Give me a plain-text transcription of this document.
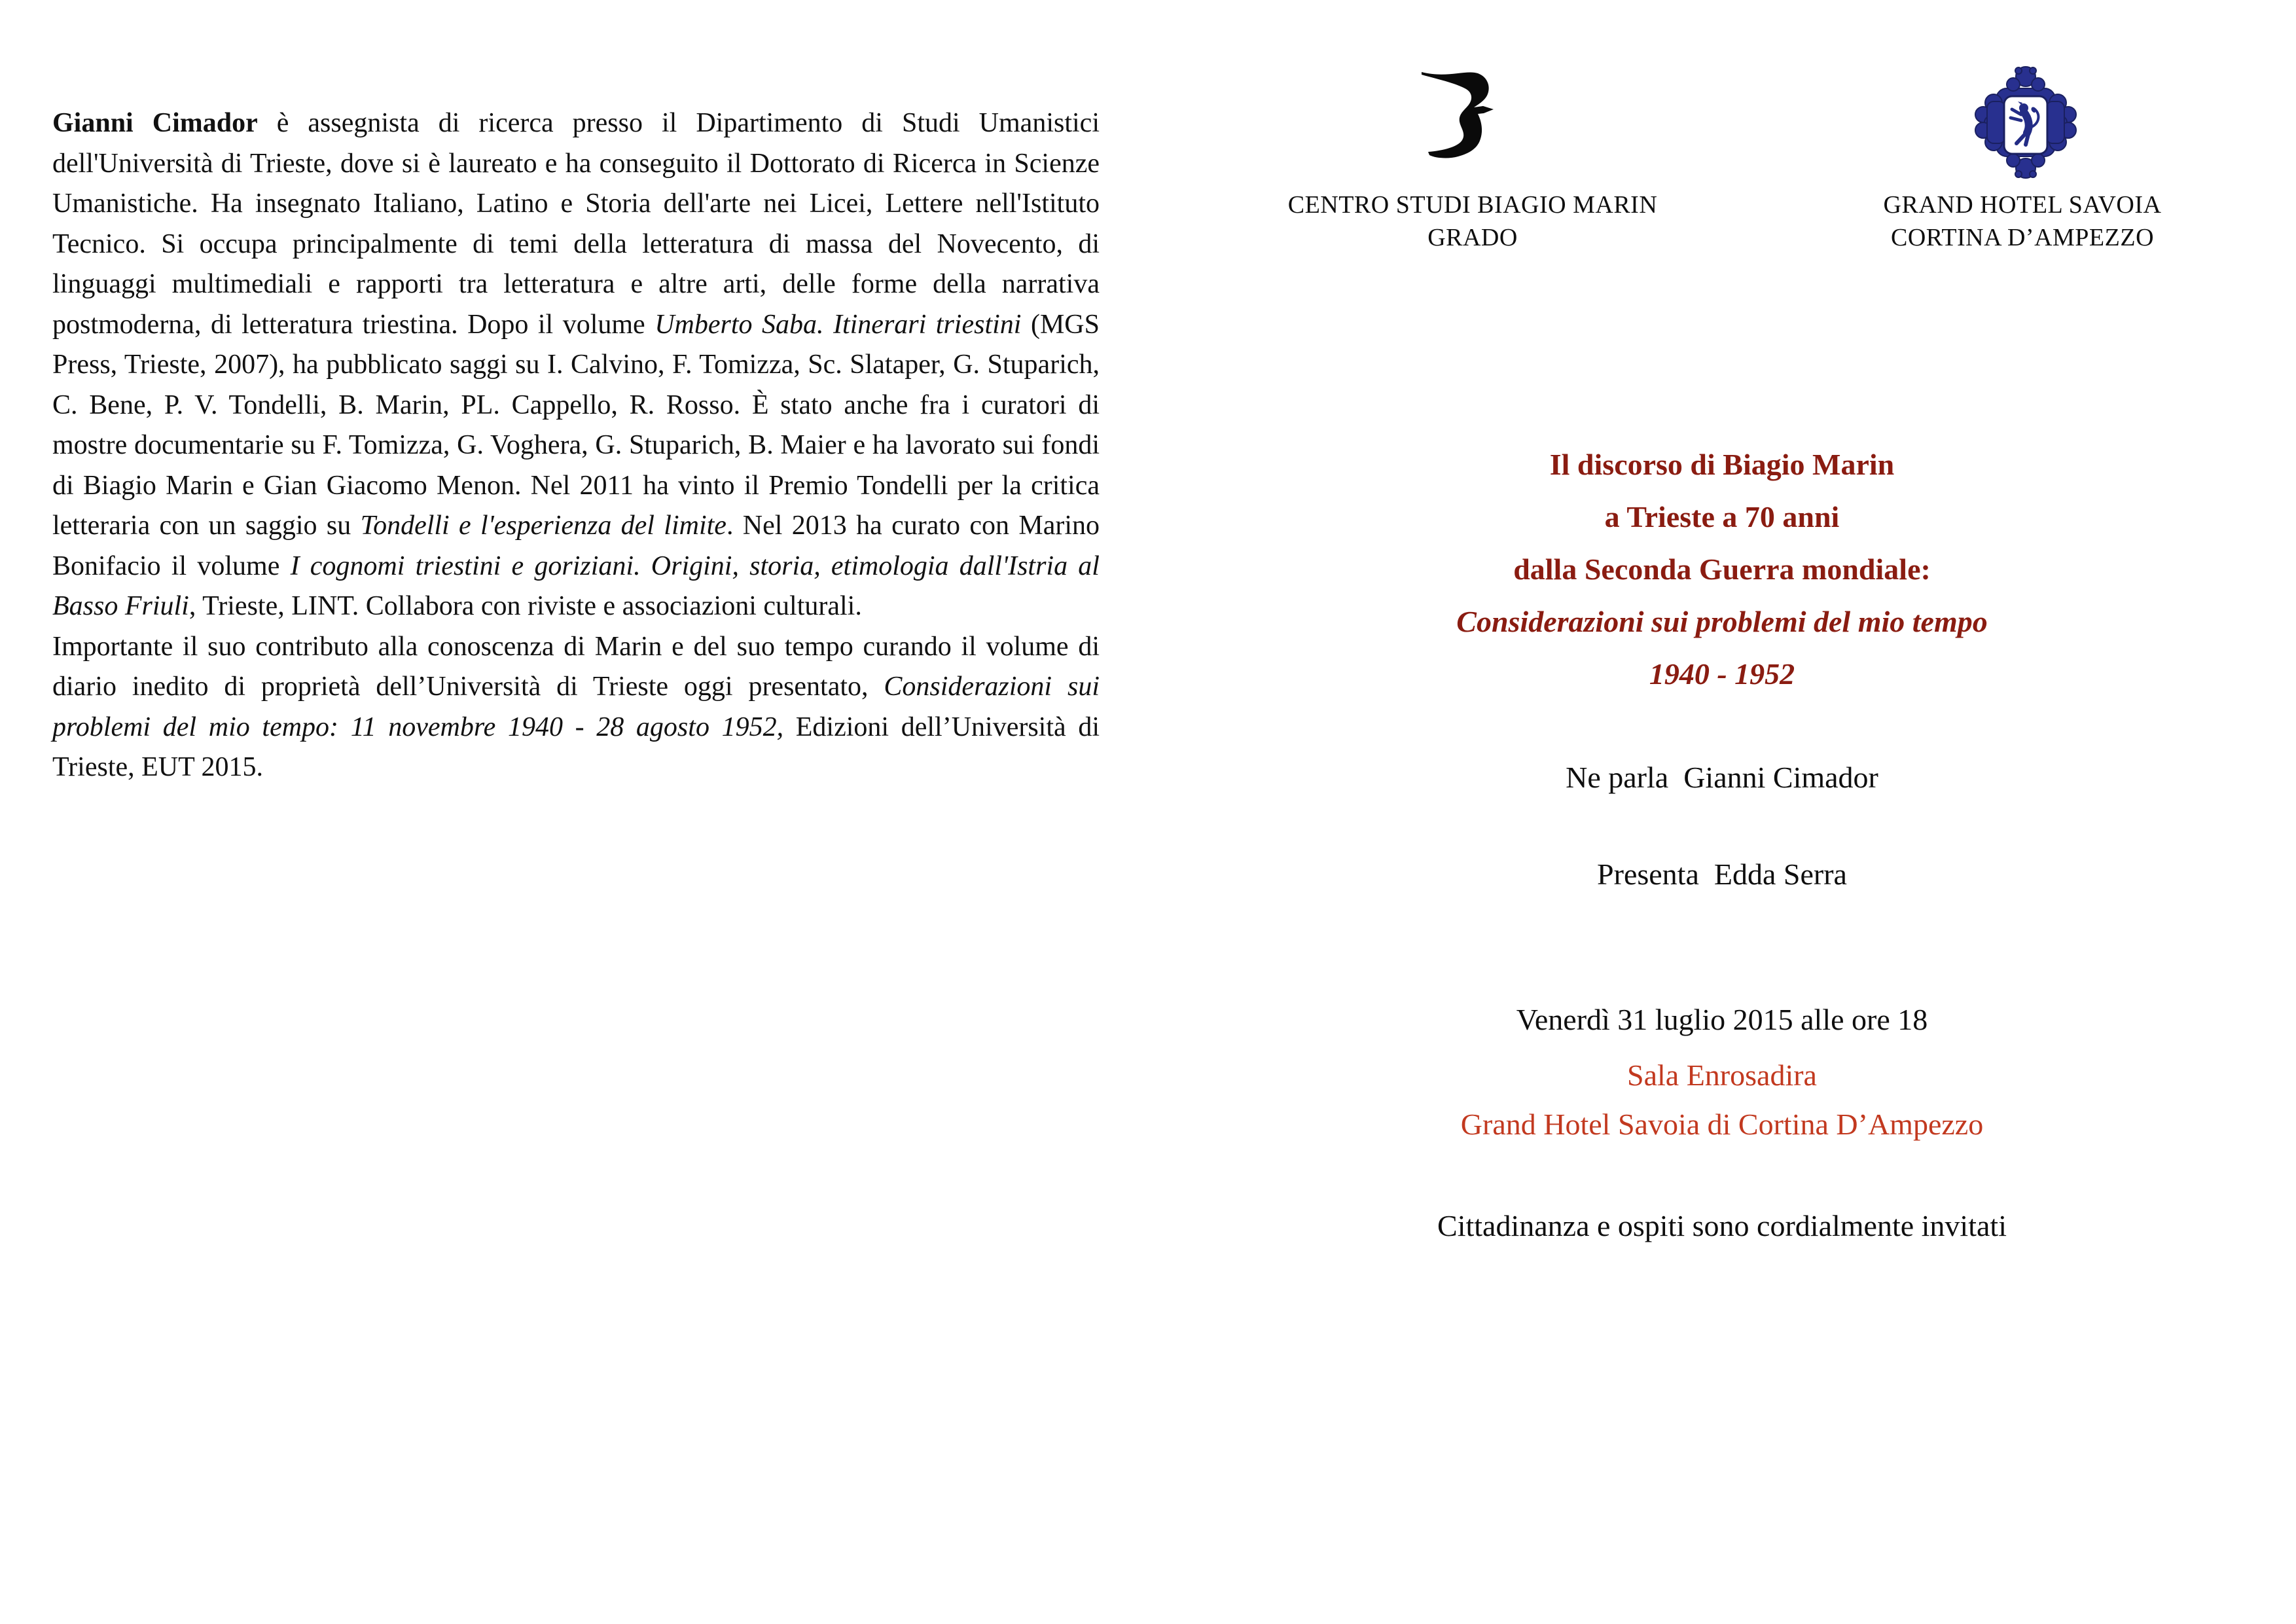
Gianni Cimador è assegnista di ricerca presso il Dipartimento di Studi Umanistici dell'Università di Trieste, dove si è laureato e ha conseguito il Dottorato di Ricerca in Scienze Umanistiche. Ha insegnato Italiano, Latino e Storia dell'arte nei Licei, Lettere nell'Istituto Tecnico. Si occupa principalmente di temi della letteratura di massa del Novecento, di linguaggi multimediali e rapporti tra letteratura e altre arti, delle forme della narrativa postmoderna, di letteratura triestina. Dopo il volume Umberto Saba. Itinerari triestini (MGS Press, Trieste, 2007), ha pubblicato saggi su I. Calvino, F. Tomizza, Sc. Slataper, G. Stuparich, C. Bene, P. V. Tondelli, B. Marin, PL. Cappello, R. Rosso. È stato anche fra i curatori di mostre documentarie su F. Tomizza, G. Voghera, G. Stuparich, B. Maier e ha lavorato sui fondi di Biagio Marin e Gian Giacomo Menon. Nel 2011 ha vinto il Premio Tondelli per la critica letteraria con un saggio su Tondelli e l'esperienza del limite. Nel 2013 ha curato con Marino Bonifacio il volume I cognomi triestini e goriziani. Origini, storia, etimologia dall'Istria al Basso Friuli, Trieste, LINT. Collabora con riviste e associazioni culturali.

Importante il suo contributo alla conoscenza di Marin e del suo tempo curando il volume di diario inedito di proprietà dell’Università di Trieste oggi presentato, Considerazioni sui problemi del mio tempo: 11 novembre 1940 - 28 agosto 1952, Edizioni dell’Università di Trieste, EUT 2015.

CENTRO STUDI BIAGIO MARIN
GRADO
GRAND HOTEL SAVOIA
CORTINA D’AMPEZZO
Il discorso di Biagio Marin
a Trieste a 70 anni
dalla Seconda Guerra mondiale:
Considerazioni sui problemi del mio tempo
1940 - 1952
Ne parla  Gianni Cimador
Presenta  Edda Serra
Venerdì 31 luglio 2015 alle ore 18
Sala Enrosadira
Grand Hotel Savoia di Cortina D’Ampezzo
Cittadinanza e ospiti sono cordialmente invitati
